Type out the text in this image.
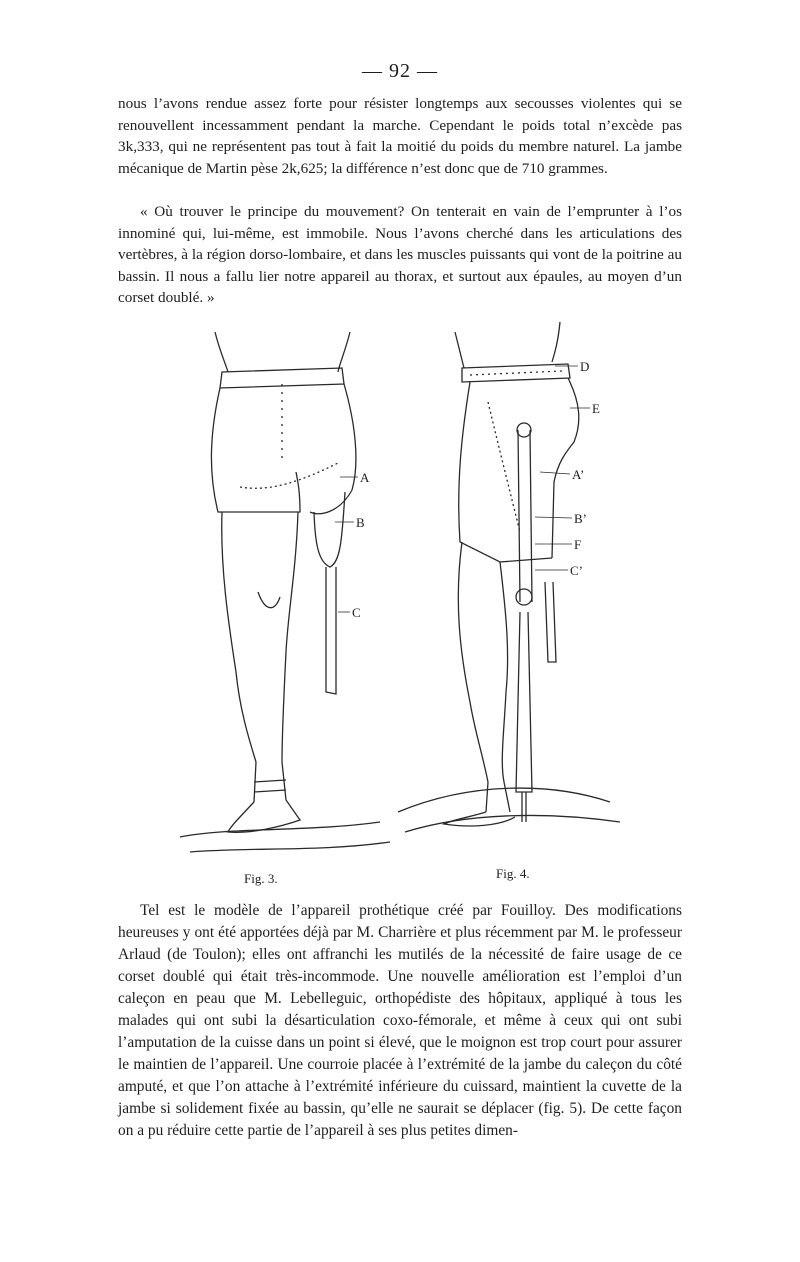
— 92 —

nous l’avons rendue assez forte pour résister longtemps aux secousses violentes qui se renouvellent incessamment pendant la marche. Cependant le poids total n’excède pas 3k,333, qui ne représentent pas tout à fait la moitié du poids du membre naturel. La jambe mécanique de Martin pèse 2k,625; la différence n’est donc que de 710 grammes.

« Où trouver le principe du mouvement? On tenterait en vain de l’emprunter à l’os innominé qui, lui-même, est immobile. Nous l’avons cherché dans les articulations des vertèbres, à la région dorso-lombaire, et dans les muscles puissants qui vont de la poitrine au bassin. Il nous a fallu lier notre appareil au thorax, et surtout aux épaules, au moyen d’un corset doublé. »

A
B
C
D
E
A’
B’
F
C’
Fig. 3.	Fig. 4.

Tel est le modèle de l’appareil prothétique créé par Fouilloy. Des modifications heureuses y ont été apportées déjà par M. Charrière et plus récemment par M. le professeur Arlaud (de Toulon); elles ont affranchi les mutilés de la nécessité de faire usage de ce corset doublé qui était très-incommode. Une nouvelle amélioration est l’emploi d’un caleçon en peau que M. Lebelleguic, orthopédiste des hôpitaux, appliqué à tous les malades qui ont subi la désarticulation coxo-fémorale, et même à ceux qui ont subi l’amputation de la cuisse dans un point si élevé, que le moignon est trop court pour assurer le maintien de l’appareil. Une courroie placée à l’extrémité de la jambe du caleçon du côté amputé, et que l’on attache à l’extrémité inférieure du cuissard, maintient la cuvette de la jambe si solidement fixée au bassin, qu’elle ne saurait se déplacer (fig. 5). De cette façon on a pu réduire cette partie de l’appareil à ses plus petites dimen-
